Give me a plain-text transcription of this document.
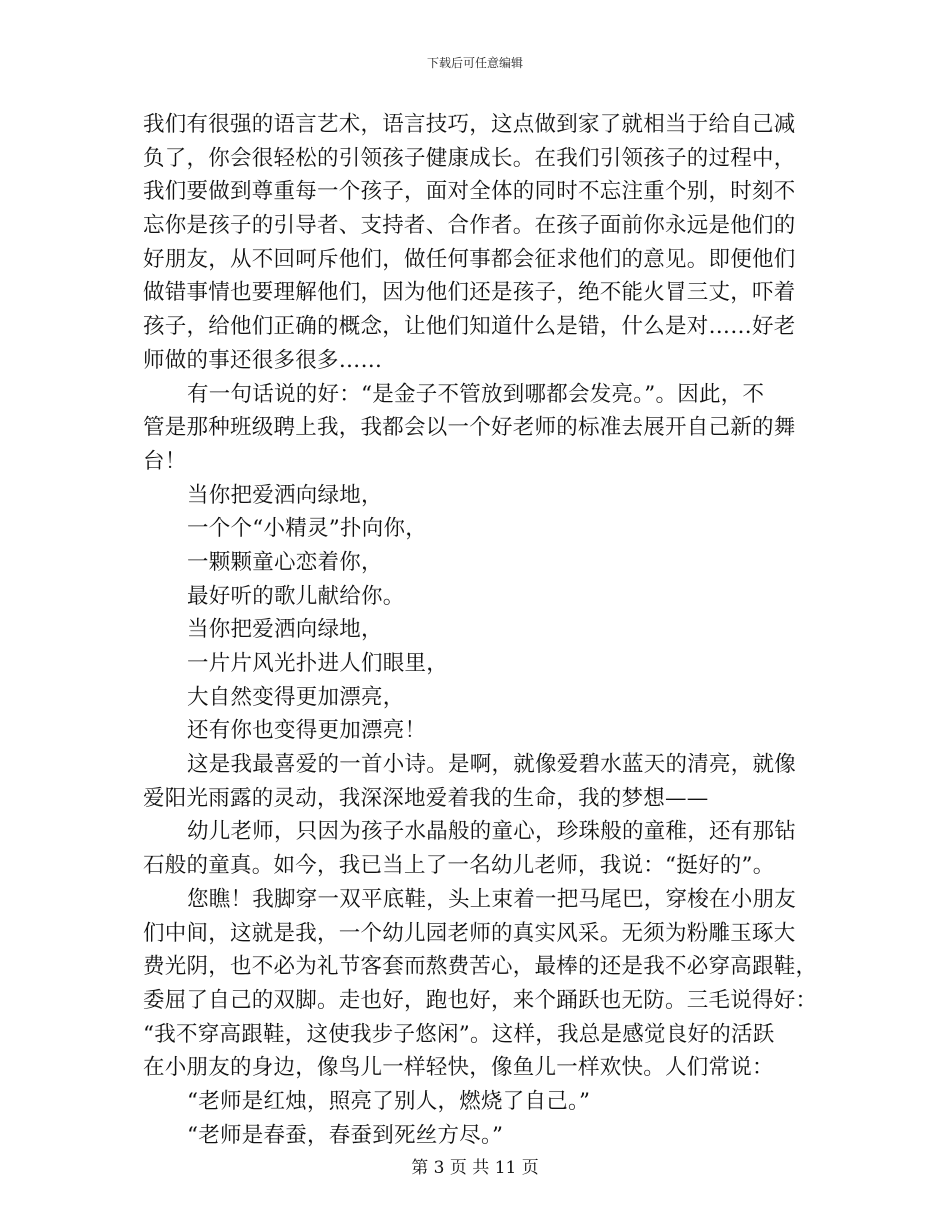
下载后可任意编辑
我们有很强的语言艺术，语言技巧，这点做到家了就相当于给自己减
负了，你会很轻松的引领孩子健康成长。在我们引领孩子的过程中，
我们要做到尊重每一个孩子，面对全体的同时不忘注重个别，时刻不
忘你是孩子的引导者、支持者、合作者。在孩子面前你永远是他们的
好朋友，从不回呵斥他们，做任何事都会征求他们的意见。即便他们
做错事情也要理解他们，因为他们还是孩子，绝不能火冒三丈，吓着
孩子，给他们正确的概念，让他们知道什么是错，什么是对……好老
师做的事还很多很多……
有一句话说的好：“是金子不管放到哪都会发亮。”。因此，不
管是那种班级聘上我，我都会以一个好老师的标准去展开自己新的舞
台！
当你把爱洒向绿地，
一个个“小精灵”扑向你，
一颗颗童心恋着你，
最好听的歌儿献给你。
当你把爱洒向绿地，
一片片风光扑进人们眼里，
大自然变得更加漂亮，
还有你也变得更加漂亮！
这是我最喜爱的一首小诗。是啊，就像爱碧水蓝天的清亮，就像
爱阳光雨露的灵动，我深深地爱着我的生命，我的梦想——
幼儿老师，只因为孩子水晶般的童心，珍珠般的童稚，还有那钻
石般的童真。如今，我已当上了一名幼儿老师，我说：“挺好的”。
您瞧！我脚穿一双平底鞋，头上束着一把马尾巴，穿梭在小朋友
们中间，这就是我，一个幼儿园老师的真实风采。无须为粉雕玉琢大
费光阴，也不必为礼节客套而熬费苦心，最棒的还是我不必穿高跟鞋，
委屈了自己的双脚。走也好，跑也好，来个踊跃也无防。三毛说得好：
“我不穿高跟鞋，这使我步子悠闲”。这样，我总是感觉良好的活跃
在小朋友的身边，像鸟儿一样轻快，像鱼儿一样欢快。人们常说：
“老师是红烛，照亮了别人，燃烧了自己。”
“老师是春蚕，春蚕到死丝方尽。”
第 3 页 共 11 页
